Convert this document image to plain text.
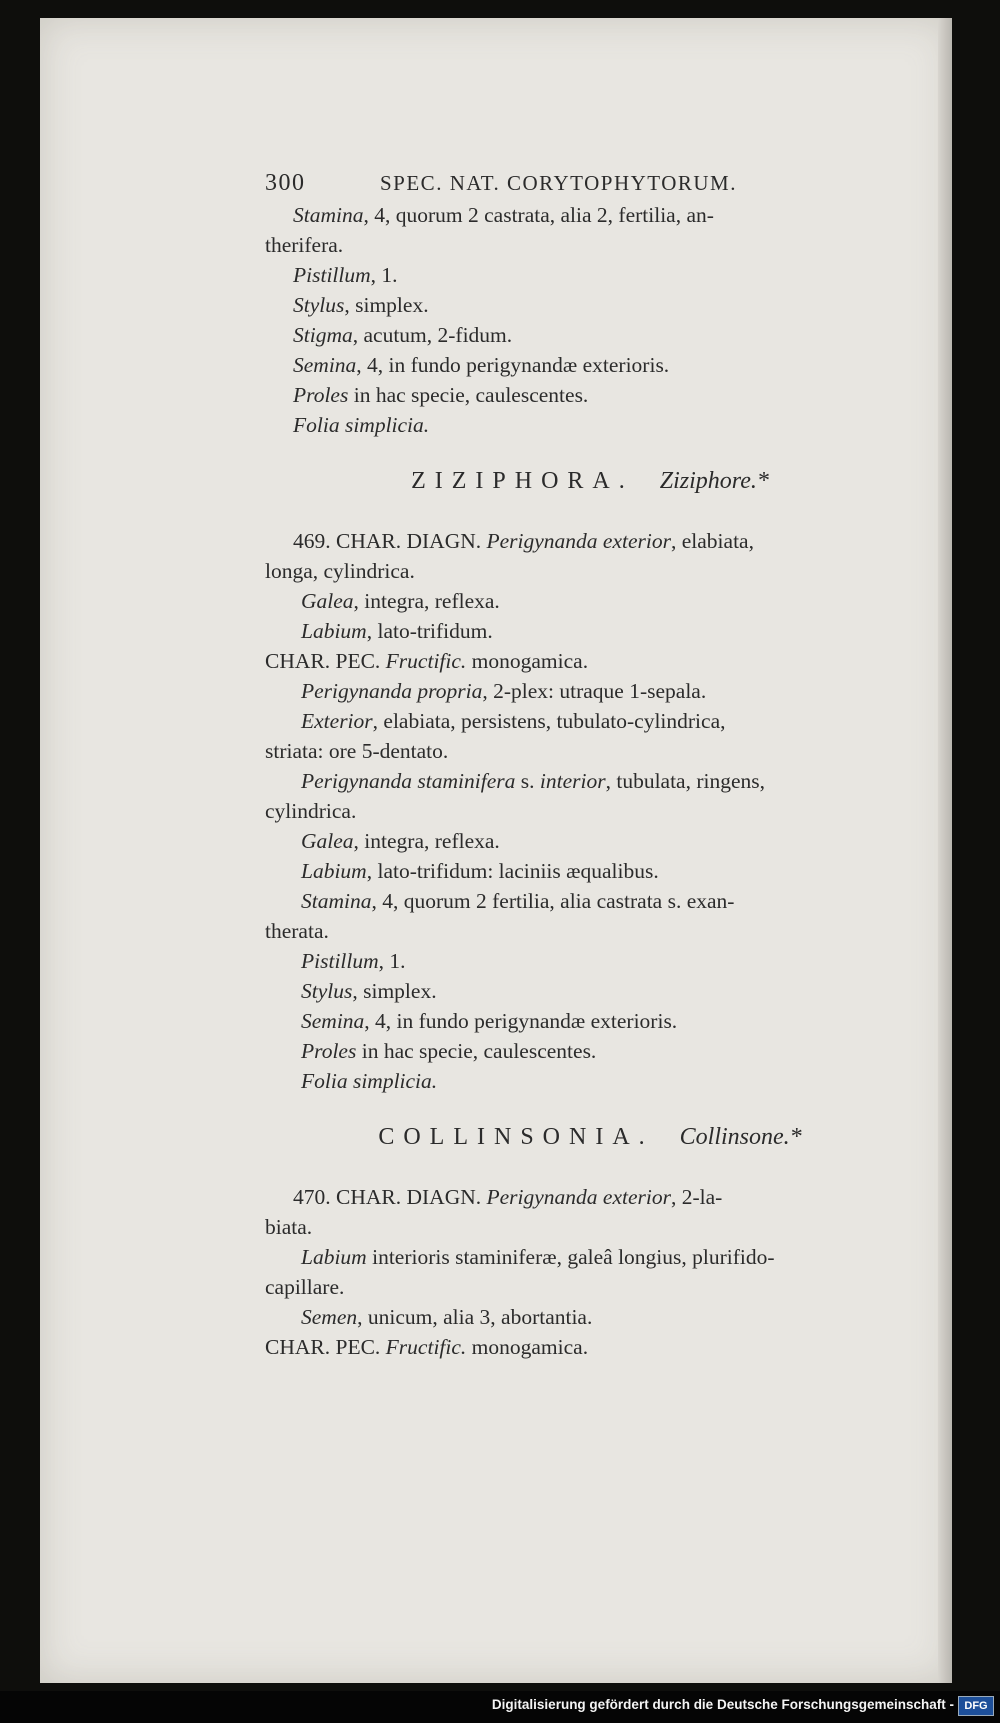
300	SPEC. NAT. CORYTOPHYTORUM.
Stamina, 4, quorum 2 castrata, alia 2, fertilia, an-
therifera.
Pistillum, 1.
Stylus, simplex.
Stigma, acutum, 2-fidum.
Semina, 4, in fundo perigynandæ exterioris.
Proles in hac specie, caulescentes.
Folia simplicia.
ZIZIPHORA. Ziziphore.*
469. CHAR. DIAGN. Perigynanda exterior, elabiata,
longa, cylindrica.
Galea, integra, reflexa.
Labium, lato-trifidum.
CHAR. PEC. Fructific. monogamica.
Perigynanda propria, 2-plex: utraque 1-sepala.
Exterior, elabiata, persistens, tubulato-cylindrica,
striata: ore 5-dentato.
Perigynanda staminifera s. interior, tubulata, ringens,
cylindrica.
Galea, integra, reflexa.
Labium, lato-trifidum: laciniis æqualibus.
Stamina, 4, quorum 2 fertilia, alia castrata s. exan-
therata.
Pistillum, 1.
Stylus, simplex.
Semina, 4, in fundo perigynandæ exterioris.
Proles in hac specie, caulescentes.
Folia simplicia.
COLLINSONIA. Collinsone.*
470. CHAR. DIAGN. Perigynanda exterior, 2-la-
biata.
Labium interioris staminiferæ, galeâ longius, plurifido-
capillare.
Semen, unicum, alia 3, abortantia.
CHAR. PEC. Fructific. monogamica.
Digitalisierung gefördert durch die Deutsche Forschungsgemeinschaft - DFG
